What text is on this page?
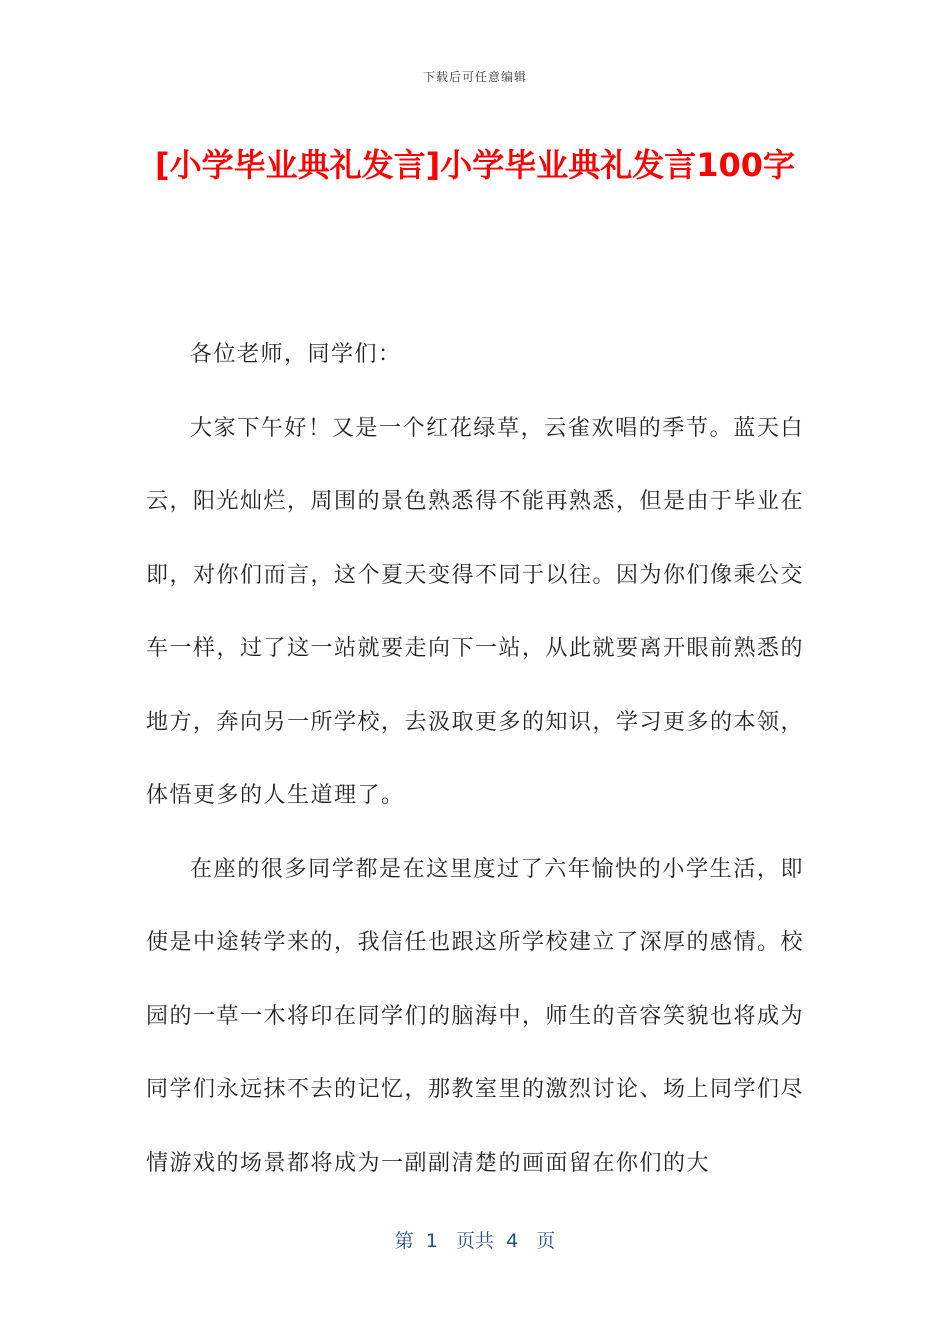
下载后可任意编辑
[小学毕业典礼发言]小学毕业典礼发言100字

各位老师，同学们：

大家下午好！又是一个红花绿草，云雀欢唱的季节。蓝天白云，阳光灿烂，周围的景色熟悉得不能再熟悉，但是由于毕业在即，对你们而言，这个夏天变得不同于以往。因为你们像乘公交车一样，过了这一站就要走向下一站，从此就要离开眼前熟悉的地方，奔向另一所学校，去汲取更多的知识，学习更多的本领，体悟更多的人生道理了。

在座的很多同学都是在这里度过了六年愉快的小学生活，即使是中途转学来的，我信任也跟这所学校建立了深厚的感情。校园的一草一木将印在同学们的脑海中，师生的音容笑貌也将成为同学们永远抹不去的记忆，那教室里的激烈讨论、场上同学们尽情游戏的场景都将成为一副副清楚的画面留在你们的大

第  1   页共  4   页
